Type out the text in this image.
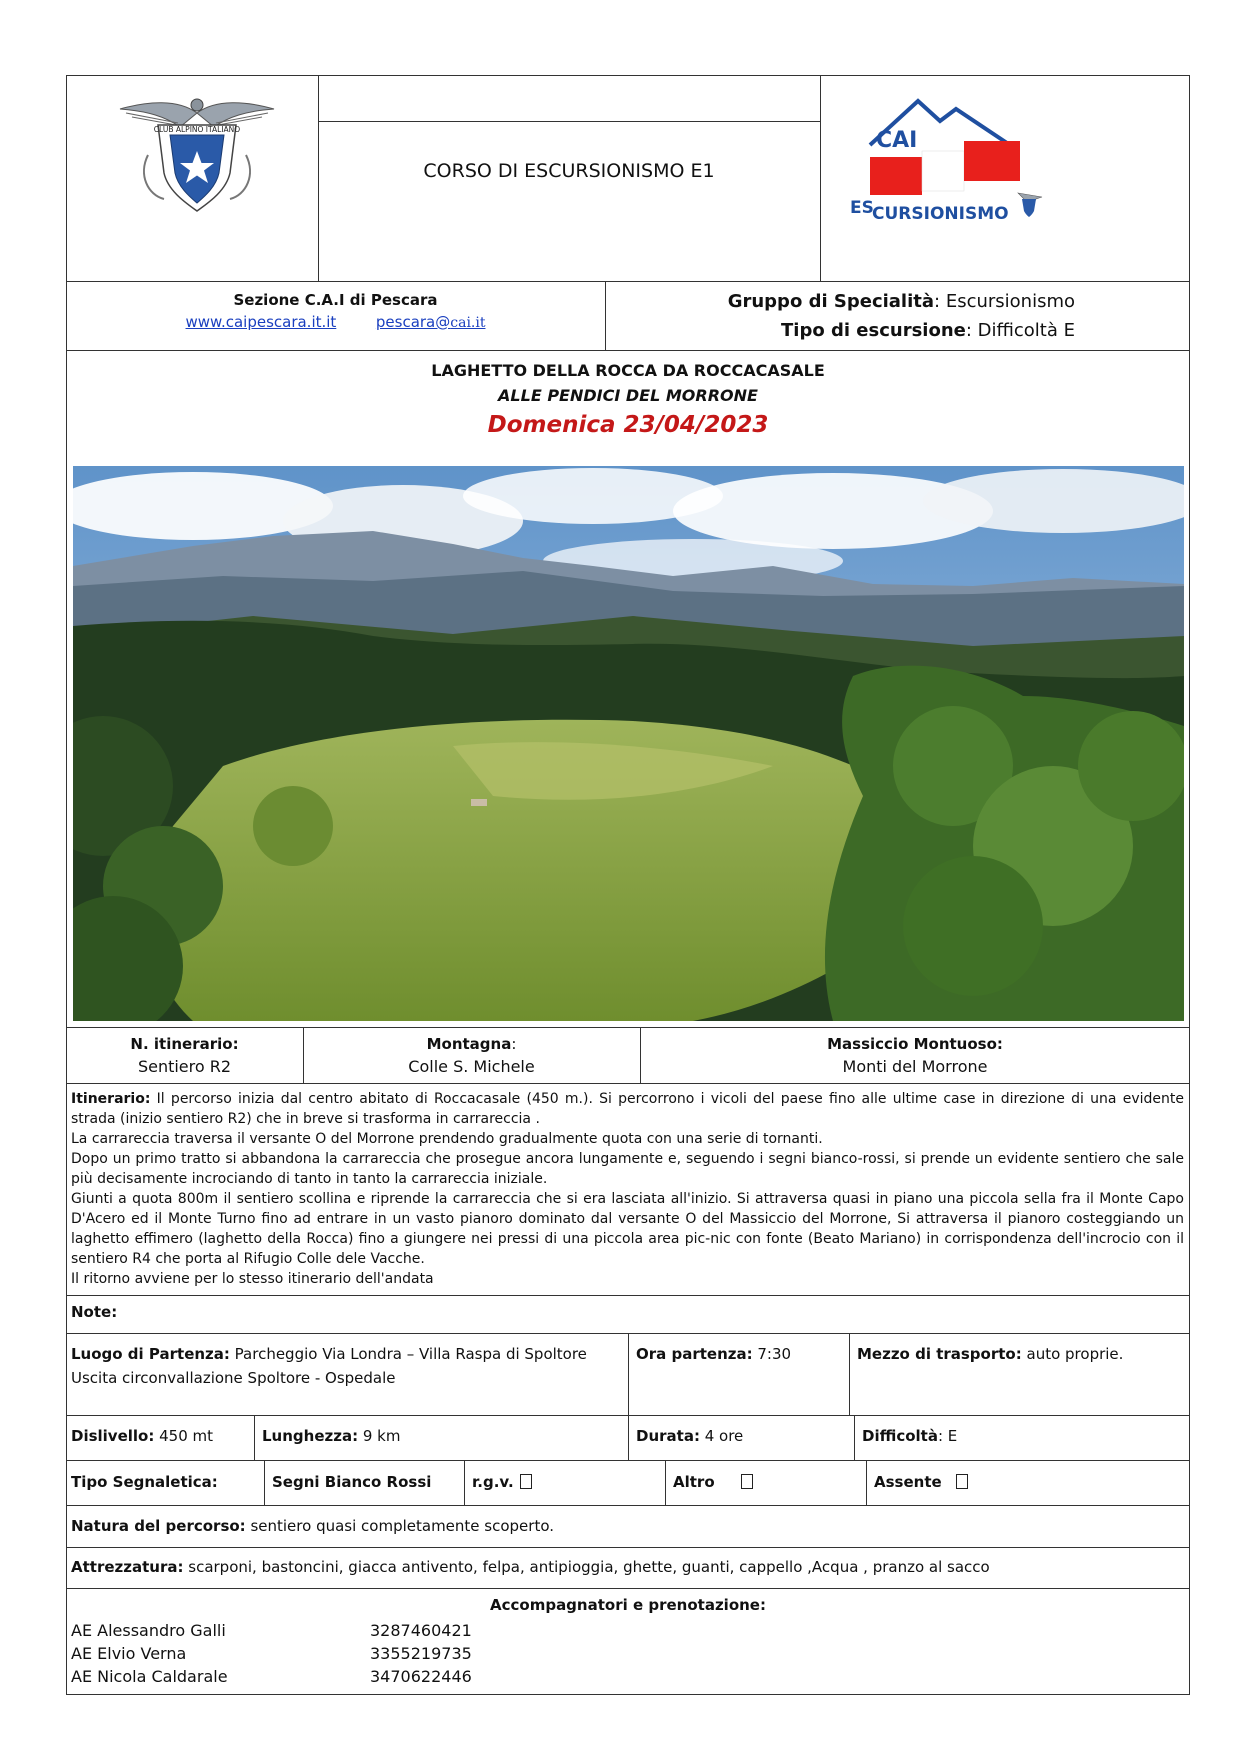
CLUB ALPINO ITALIANO
CORSO DI ESCURSIONISMO E1
CAI
ES
CURSIONISMO
Sezione C.A.I di Pescara
www.caipescara.it.it	pescara@cai.it
Gruppo di Specialità: Escursionismo
Tipo di escursione: Difficoltà E
LAGHETTO DELLA ROCCA DA ROCCACASALE
ALLE PENDICI DEL MORRONE
Domenica 23/04/2023
N. itinerario:
Sentiero R2
Montagna:
Colle S. Michele
Massiccio Montuoso:
Monti del Morrone
Itinerario: Il percorso inizia dal centro abitato di Roccacasale (450 m.). Si percorrono i vicoli del paese fino alle ultime case in direzione di una evidente strada (inizio sentiero R2) che in breve si trasforma in carrareccia .
La carrareccia traversa il versante O del Morrone prendendo gradualmente quota con una serie di tornanti.
Dopo un primo tratto si abbandona la carrareccia che prosegue ancora lungamente e, seguendo i segni bianco-rossi, si prende un evidente sentiero che sale più decisamente incrociando di tanto in tanto la carrareccia iniziale.
Giunti a quota 800m il sentiero scollina e riprende la carrareccia che si era lasciata all'inizio. Si attraversa quasi in piano una piccola sella fra il Monte Capo D'Acero ed il Monte Turno fino ad entrare in un vasto pianoro dominato dal versante O del Massiccio del Morrone, Si attraversa il pianoro costeggiando un laghetto effimero (laghetto della Rocca) fino a giungere nei pressi di una piccola area pic-nic con fonte (Beato Mariano) in corrispondenza dell'incrocio con il sentiero R4 che porta al Rifugio Colle dele Vacche.
Il ritorno avviene per lo stesso itinerario dell'andata
Note:
Luogo di Partenza: Parcheggio Via Londra – Villa Raspa di Spoltore
Uscita circonvallazione Spoltore - Ospedale
Ora partenza: 7:30	Mezzo di trasporto: auto proprie.
Dislivello: 450 mt	Lunghezza: 9 km	Durata: 4 ore	Difficoltà: E
Tipo Segnaletica:	Segni Bianco Rossi	r.g.v.	Altro	Assente
Natura del percorso: sentiero quasi completamente scoperto.
Attrezzatura: scarponi, bastoncini, giacca antivento, felpa, antipioggia, ghette, guanti, cappello ,Acqua , pranzo al sacco
Accompagnatori e prenotazione:
AE Alessandro Galli	3287460421
AE Elvio Verna	3355219735
AE Nicola Caldarale	3470622446
